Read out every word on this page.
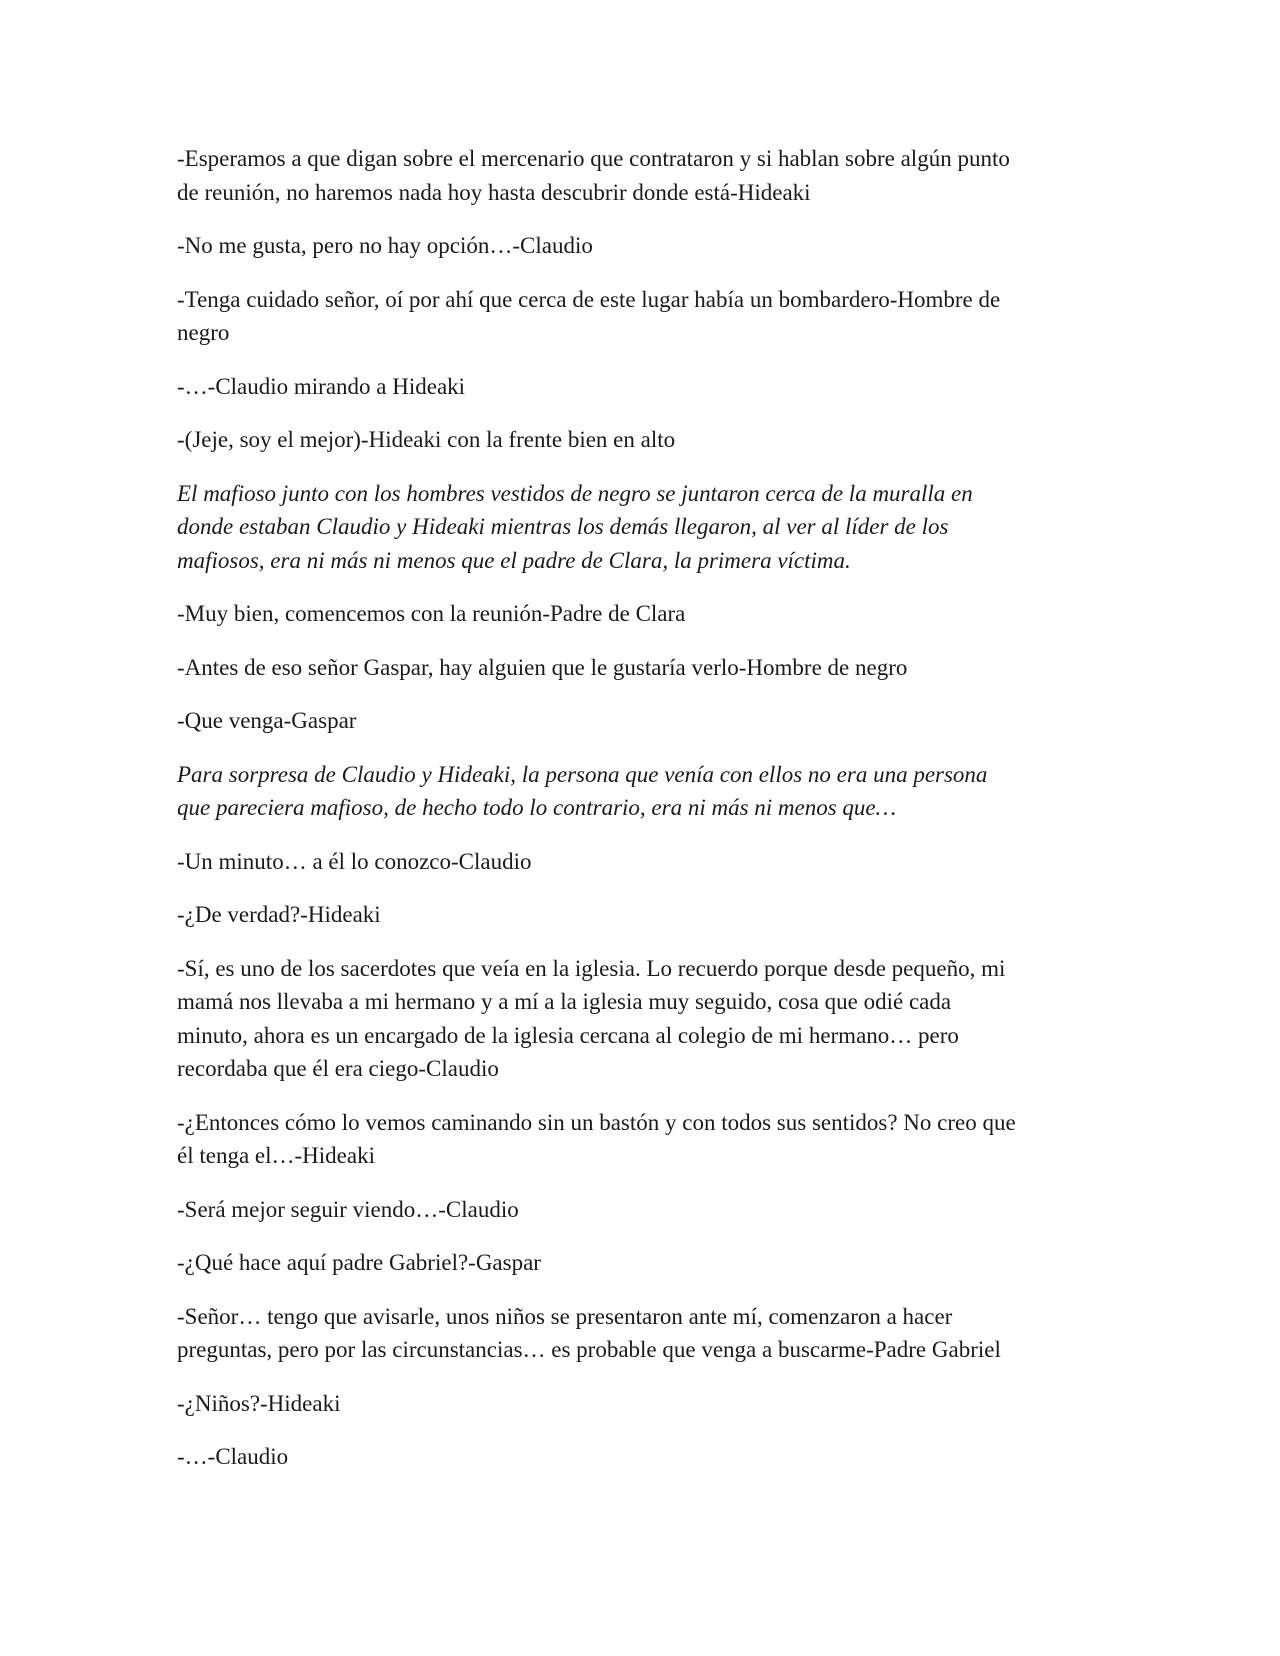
-Esperamos a que digan sobre el mercenario que contrataron y si hablan sobre algún punto
de reunión, no haremos nada hoy hasta descubrir donde está-Hideaki

-No me gusta, pero no hay opción…-Claudio

-Tenga cuidado señor, oí por ahí que cerca de este lugar había un bombardero-Hombre de
negro

-…-Claudio mirando a Hideaki

-(Jeje, soy el mejor)-Hideaki con la frente bien en alto

El mafioso junto con los hombres vestidos de negro se juntaron cerca de la muralla en
donde estaban Claudio y Hideaki mientras los demás llegaron, al ver al líder de los
mafiosos, era ni más ni menos que el padre de Clara, la primera víctima.

-Muy bien, comencemos con la reunión-Padre de Clara

-Antes de eso señor Gaspar, hay alguien que le gustaría verlo-Hombre de negro

-Que venga-Gaspar

Para sorpresa de Claudio y Hideaki, la persona que venía con ellos no era una persona
que pareciera mafioso, de hecho todo lo contrario, era ni más ni menos que…

-Un minuto… a él lo conozco-Claudio

-¿De verdad?-Hideaki

-Sí, es uno de los sacerdotes que veía en la iglesia. Lo recuerdo porque desde pequeño, mi
mamá nos llevaba a mi hermano y a mí a la iglesia muy seguido, cosa que odié cada
minuto, ahora es un encargado de la iglesia cercana al colegio de mi hermano… pero
recordaba que él era ciego-Claudio

-¿Entonces cómo lo vemos caminando sin un bastón y con todos sus sentidos? No creo que
él tenga el…-Hideaki

-Será mejor seguir viendo…-Claudio

-¿Qué hace aquí padre Gabriel?-Gaspar

-Señor… tengo que avisarle, unos niños se presentaron ante mí, comenzaron a hacer
preguntas, pero por las circunstancias… es probable que venga a buscarme-Padre Gabriel

-¿Niños?-Hideaki

-…-Claudio
